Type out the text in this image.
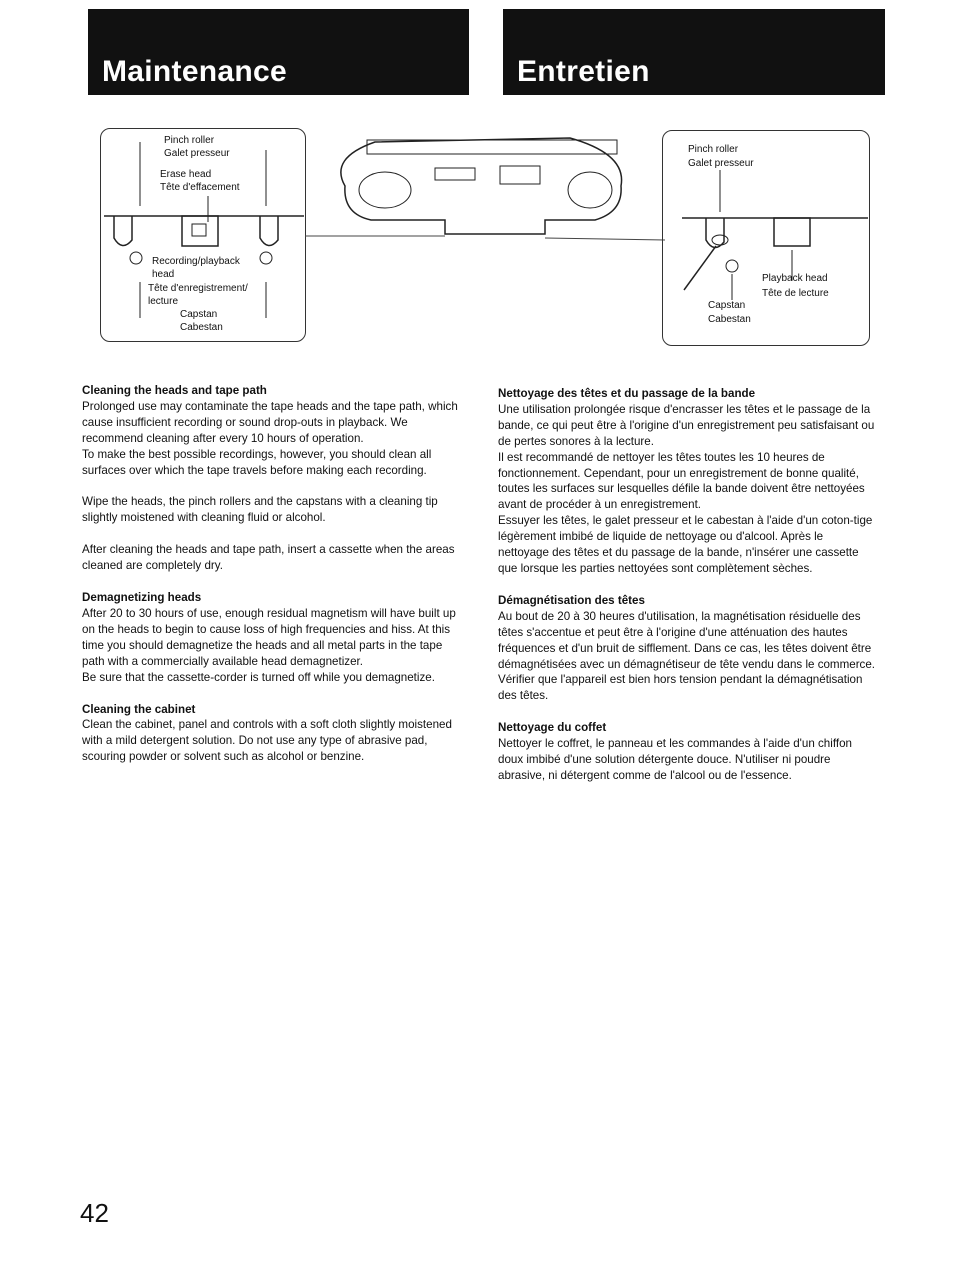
Maintenance	Entretien
Pinch roller
Galet presseur
Erase head
Tête d'effacement
Recording/playback
head
Tête d'enregistrement/
lecture
Capstan
Cabestan
Pinch roller
Galet presseur
Playback head
Tête de lecture
Capstan
Cabestan
Cleaning the heads and tape path

Prolonged use may contaminate the tape heads and the tape path, which cause insufficient recording or sound drop-outs in playback. We recommend cleaning after every 10 hours of operation.

To make the best possible recordings, however, you should clean all surfaces over which the tape travels before making each recording.

Wipe the heads, the pinch rollers and the capstans with a cleaning tip slightly moistened with cleaning fluid or alcohol.

After cleaning the heads and tape path, insert a cassette when the areas cleaned are completely dry.

Demagnetizing heads

After 20 to 30 hours of use, enough residual magnetism will have built up on the heads to begin to cause loss of high frequencies and hiss. At this time you should demagnetize the heads and all metal parts in the tape path with a commercially available head demagnetizer.

Be sure that the cassette-corder is turned off while you demagnetize.

Cleaning the cabinet

Clean the cabinet, panel and controls with a soft cloth slightly moistened with a mild detergent solution. Do not use any type of abrasive pad, scouring powder or solvent such as alcohol or benzine.

Nettoyage des têtes et du passage de la bande

Une utilisation prolongée risque d'encrasser les têtes et le passage de la bande, ce qui peut être à l'origine d'un enregistrement peu satisfaisant ou de pertes sonores à la lecture.

Il est recommandé de nettoyer les têtes toutes les 10 heures de fonctionnement. Cependant, pour un enregistrement de bonne qualité, toutes les surfaces sur lesquelles défile la bande doivent être nettoyées avant de procéder à un enregistrement.

Essuyer les têtes, le galet presseur et le cabestan à l'aide d'un coton-tige légèrement imbibé de liquide de nettoyage ou d'alcool. Après le nettoyage des têtes et du passage de la bande, n'insérer une cassette que lorsque les parties nettoyées sont complètement sèches.

Démagnétisation des têtes

Au bout de 20 à 30 heures d'utilisation, la magnétisation résiduelle des têtes s'accentue et peut être à l'origine d'une atténuation des hautes fréquences et d'un bruit de sifflement. Dans ce cas, les têtes doivent être démagnétisées avec un démagnétiseur de tête vendu dans le commerce. Vérifier que l'appareil est bien hors tension pendant la démagnétisation des têtes.

Nettoyage du coffet

Nettoyer le coffret, le panneau et les commandes à l'aide d'un chiffon doux imbibé d'une solution détergente douce. N'utiliser ni poudre abrasive, ni détergent comme de l'alcool ou de l'essence.

42
